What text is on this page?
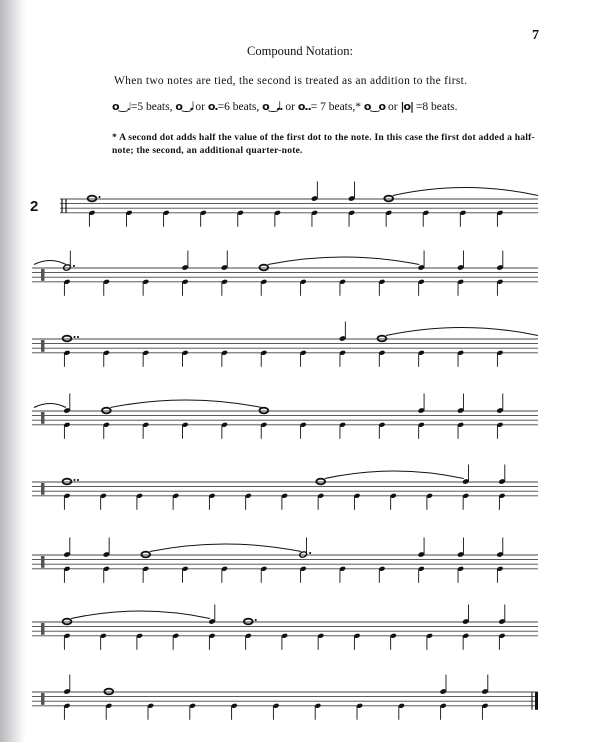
7
Compound Notation:
When two notes are tied, the second is treated as an addition to the first.
o‿♩=5 beats, o‿𝅗𝅥 or o.=6 beats, o‿𝅗𝅥. or o..= 7 beats,* o‿o or |o| =8 beats.
* A second dot adds half the value of the first dot to the note. In this case the first dot added a half-note; the second, an additional quarter-note.
2
